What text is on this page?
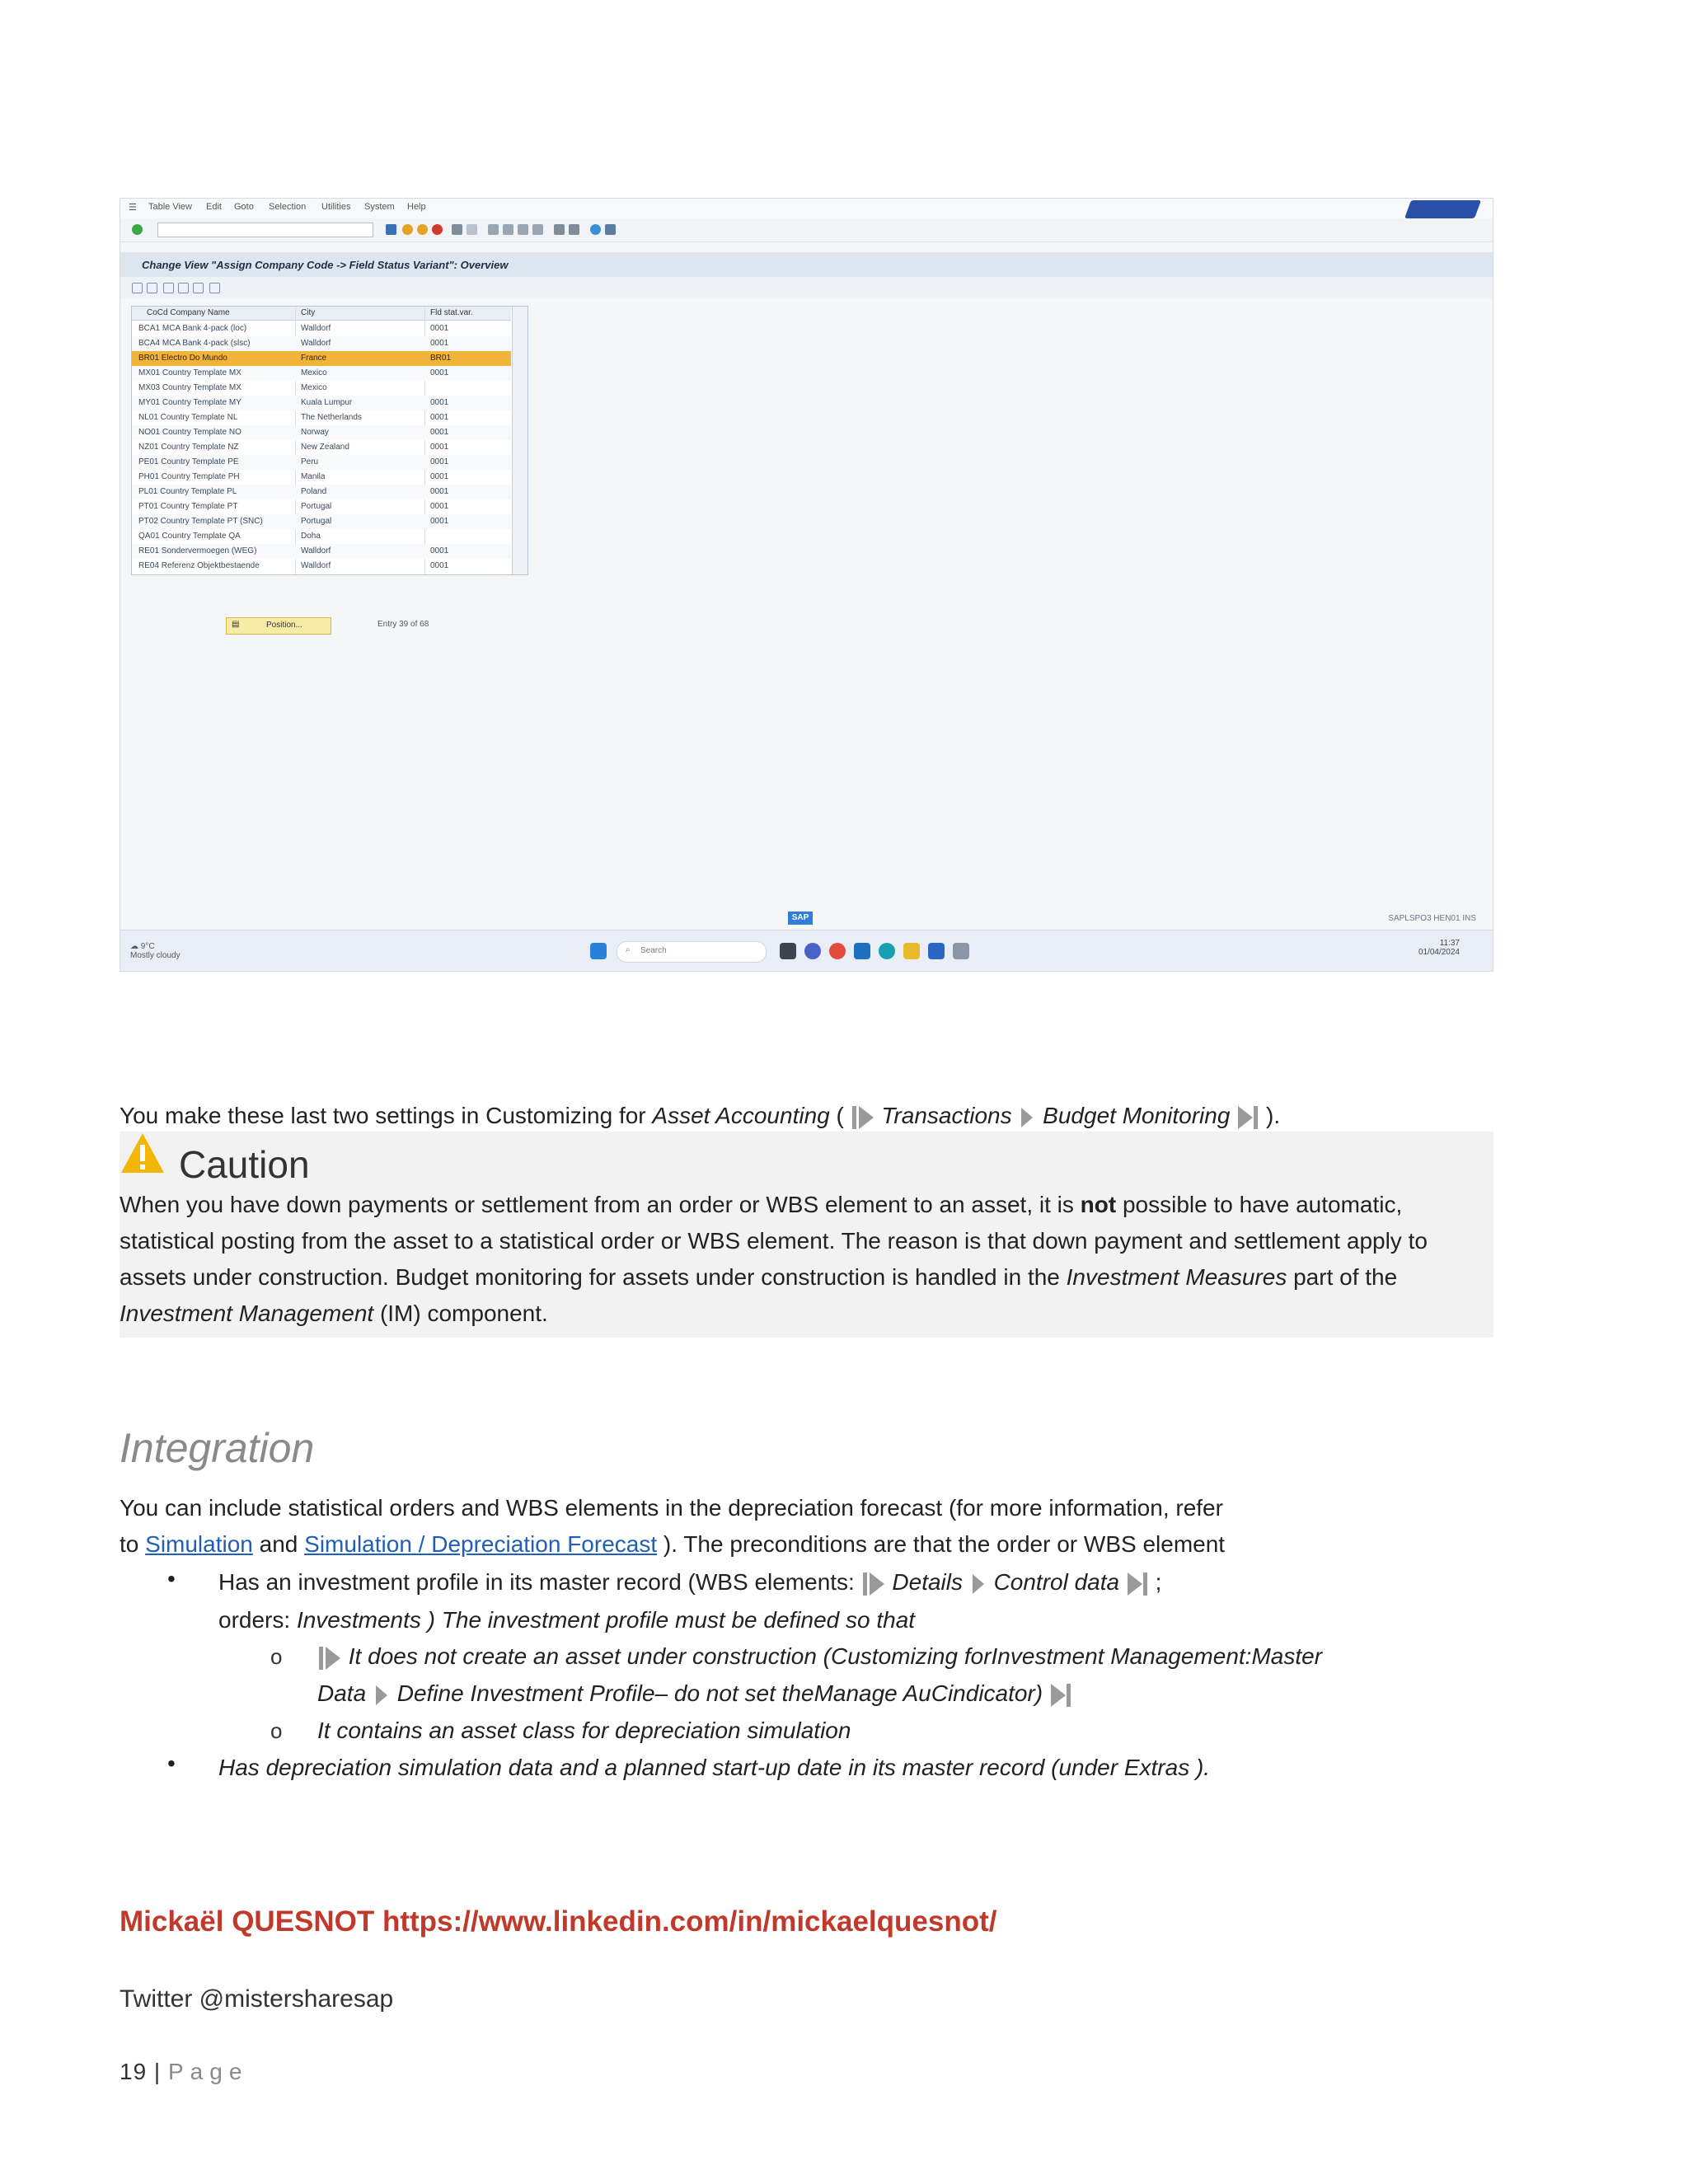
☰ Table View Edit Goto Selection Utilities System Help
Change View "Assign Company Code -> Field Status Variant": Overview
CoCd Company Name	City	Fld stat.var.
BCA1 MCA Bank 4-pack (loc)	Walldorf	0001
BCA4 MCA Bank 4-pack (slsc)	Walldorf	0001
BR01 Electro Do Mundo	France	BR01
MX01 Country Template MX	Mexico	0001
MX03 Country Template MX	Mexico
MY01 Country Template MY	Kuala Lumpur	0001
NL01 Country Template NL	The Netherlands	0001
NO01 Country Template NO	Norway	0001
NZ01 Country Template NZ	New Zealand	0001
PE01 Country Template PE	Peru	0001
PH01 Country Template PH	Manila	0001
PL01 Country Template PL	Poland	0001
PT01 Country Template PT	Portugal	0001
PT02 Country Template PT (SNC)	Portugal	0001
QA01 Country Template QA	Doha
RE01 Sondervermoegen (WEG)	Walldorf	0001
RE04 Referenz Objektbestaende	Walldorf	0001
▤	Position...	Entry 39 of 68
SAP	SAPLSPO3 HEN01 INS
☁ 9°C
Mostly cloudy
⌕ Search
11:37
01/04/2024
You make these last two settings in Customizing for Asset Accounting ( Transactions Budget Monitoring ).
Caution
When you have down payments or settlement from an order or WBS element to an asset, it is not possible to have automatic, statistical posting from the asset to a statistical order or WBS element. The reason is that down payment and settlement apply to assets under construction. Budget monitoring for assets under construction is handled in the Investment Measures part of the Investment Management (IM) component.
Integration
You can include statistical orders and WBS elements in the depreciation forecast (for more information, refer
to Simulation and Simulation / Depreciation Forecast ). The preconditions are that the order or WBS element
• Has an investment profile in its master record (WBS elements:  Details Control data ;
orders: Investments ) The investment profile must be defined so that
o	It does not create an asset under construction (Customizing forInvestment Management:Master
Data Define Investment Profile– do not set theManage AuCindicator)
o It contains an asset class for depreciation simulation
• Has depreciation simulation data and a planned start-up date in its master record (under Extras ).
Mickaël QUESNOT https://www.linkedin.com/in/mickaelquesnot/
Twitter @mistersharesap
19 | Page
